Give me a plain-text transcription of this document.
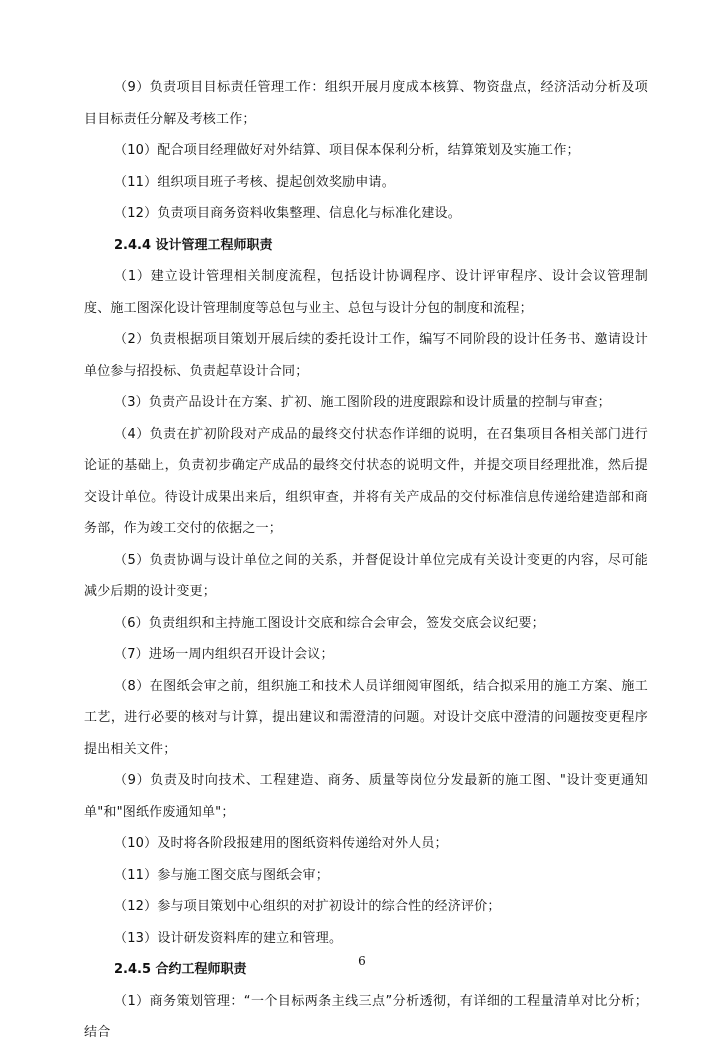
（9）负责项目目标责任管理工作：组织开展月度成本核算、物资盘点，经济活动分析及项目目标责任分解及考核工作；

（10）配合项目经理做好对外结算、项目保本保利分析，结算策划及实施工作；

（11）组织项目班子考核、提起创效奖励申请。

（12）负责项目商务资料收集整理、信息化与标准化建设。

2.4.4 设计管理工程师职责

（1）建立设计管理相关制度流程，包括设计协调程序、设计评审程序、设计会议管理制度、施工图深化设计管理制度等总包与业主、总包与设计分包的制度和流程；

（2）负责根据项目策划开展后续的委托设计工作，编写不同阶段的设计任务书、邀请设计单位参与招投标、负责起草设计合同；

（3）负责产品设计在方案、扩初、施工图阶段的进度跟踪和设计质量的控制与审查；

（4）负责在扩初阶段对产成品的最终交付状态作详细的说明，在召集项目各相关部门进行论证的基础上，负责初步确定产成品的最终交付状态的说明文件，并提交项目经理批准，然后提交设计单位。待设计成果出来后，组织审查，并将有关产成品的交付标准信息传递给建造部和商务部，作为竣工交付的依据之一；

（5）负责协调与设计单位之间的关系，并督促设计单位完成有关设计变更的内容，尽可能减少后期的设计变更；

（6）负责组织和主持施工图设计交底和综合会审会，签发交底会议纪要；

（7）进场一周内组织召开设计会议；

（8）在图纸会审之前，组织施工和技术人员详细阅审图纸，结合拟采用的施工方案、施工工艺，进行必要的核对与计算，提出建议和需澄清的问题。对设计交底中澄清的问题按变更程序提出相关文件；

（9）负责及时向技术、工程建造、商务、质量等岗位分发最新的施工图、"设计变更通知单"和"图纸作废通知单"；

（10）及时将各阶段报建用的图纸资料传递给对外人员；

（11）参与施工图交底与图纸会审；

（12）参与项目策划中心组织的对扩初设计的综合性的经济评价；

（13）设计研发资料库的建立和管理。

2.4.5 合约工程师职责

（1）商务策划管理：“一个目标两条主线三点”分析透彻，有详细的工程量清单对比分析；结合

6
